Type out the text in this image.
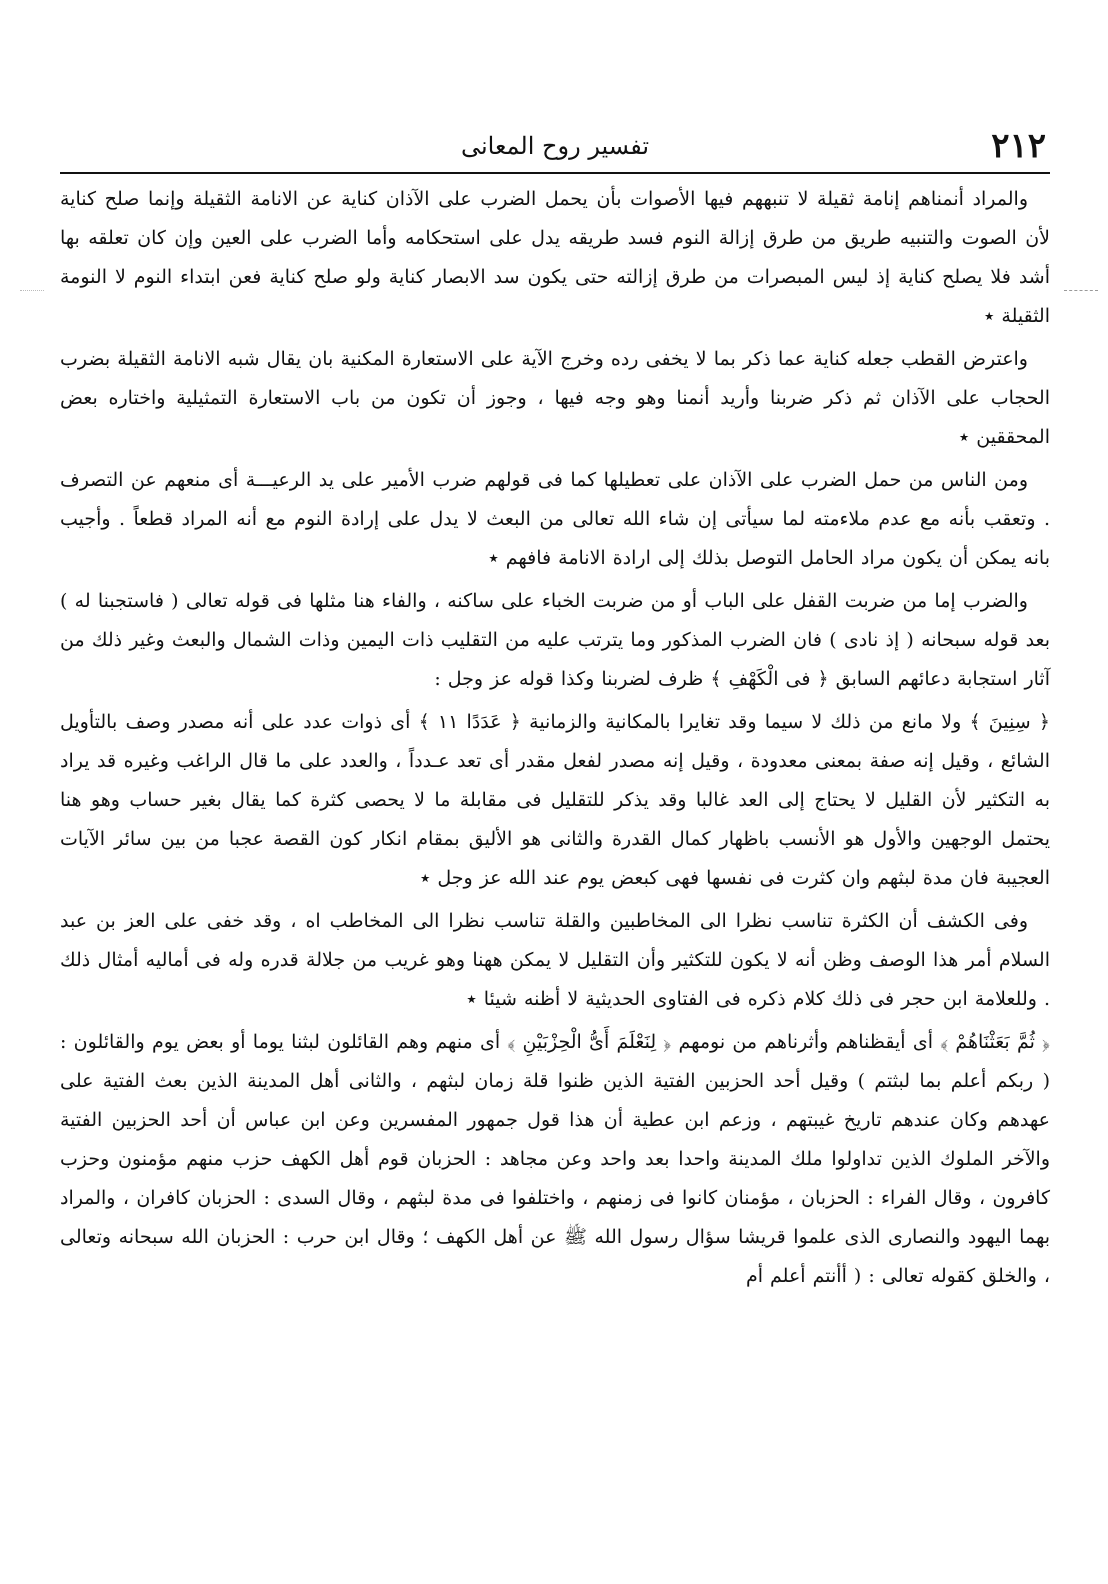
٢١٢
تفسير روح المعانى

والمراد أنمناهم إنامة ثقيلة لا تنبههم فيها الأصوات بأن يحمل الضرب على الآذان كناية عن الانامة الثقيلة وإنما صلح كناية لأن الصوت والتنبيه طريق من طرق إزالة النوم فسد طريقه يدل على استحكامه وأما الضرب على العين وإن كان تعلقه بها أشد فلا يصلح كناية إذ ليس المبصرات من طرق إزالته حتى يكون سد الابصار كناية ولو صلح كناية فعن ابتداء النوم لا النومة الثقيلة ٭

واعترض القطب جعله كناية عما ذكر بما لا يخفى رده وخرج الآية على الاستعارة المكنية بان يقال شبه الانامة الثقيلة بضرب الحجاب على الآذان ثم ذكر ضربنا وأريد أنمنا وهو وجه فيها ، وجوز أن تكون من باب الاستعارة التمثيلية واختاره بعض المحققين ٭

ومن الناس من حمل الضرب على الآذان على تعطيلها كما فى قولهم ضرب الأمير على يد الرعيـــة أى منعهم عن التصرف . وتعقب بأنه مع عدم ملاءمته لما سيأتى إن شاء الله تعالى من البعث لا يدل على إرادة النوم مع أنه المراد قطعاً . وأجيب بانه يمكن أن يكون مراد الحامل التوصل بذلك إلى ارادة الانامة فافهم ٭

والضرب إما من ضربت القفل على الباب أو من ضربت الخباء على ساكنه ، والفاء هنا مثلها فى قوله تعالى ( فاستجبنا له ) بعد قوله سبحانه ( إذ نادى ) فان الضرب المذكور وما يترتب عليه من التقليب ذات اليمين وذات الشمال والبعث وغير ذلك من آثار استجابة دعائهم السابق ﴿ فى الْكَهْفِ ﴾ ظرف لضربنا وكذا قوله عز وجل :

﴿ سِنِينَ ﴾ ولا مانع من ذلك لا سيما وقد تغايرا بالمكانية والزمانية ﴿ عَدَدًا ١١ ﴾ أى ذوات عدد على أنه مصدر وصف بالتأويل الشائع ، وقيل إنه صفة بمعنى معدودة ، وقيل إنه مصدر لفعل مقدر أى تعد عـدداً ، والعدد على ما قال الراغب وغيره قد يراد به التكثير لأن القليل لا يحتاج إلى العد غالبا وقد يذكر للتقليل فى مقابلة ما لا يحصى كثرة كما يقال بغير حساب وهو هنا يحتمل الوجهين والأول هو الأنسب باظهار كمال القدرة والثانى هو الأليق بمقام انكار كون القصة عجبا من بين سائر الآيات العجيبة فان مدة لبثهم وان كثرت فى نفسها فهى كبعض يوم عند الله عز وجل ٭

وفى الكشف أن الكثرة تناسب نظرا الى المخاطبين والقلة تناسب نظرا الى المخاطب اه ، وقد خفى على العز بن عبد السلام أمر هذا الوصف وظن أنه لا يكون للتكثير وأن التقليل لا يمكن ههنا وهو غريب من جلالة قدره وله فى أماليه أمثال ذلك . وللعلامة ابن حجر فى ذلك كلام ذكره فى الفتاوى الحديثية لا أظنه شيئا ٭

﴿ ثُمَّ بَعَثْنَاهُمْ ﴾ أى أيقظناهم وأثرناهم من نومهم ﴿ لِنَعْلَمَ أَىُّ الْحِزْبَيْنِ ﴾ أى منهم وهم القائلون لبثنا يوما أو بعض يوم والقائلون : ( ربكم أعلم بما لبثتم ) وقيل أحد الحزبين الفتية الذين ظنوا قلة زمان لبثهم ، والثانى أهل المدينة الذين بعث الفتية على عهدهم وكان عندهم تاريخ غيبتهم ، وزعم ابن عطية أن هذا قول جمهور المفسرين وعن ابن عباس أن أحد الحزبين الفتية والآخر الملوك الذين تداولوا ملك المدينة واحدا بعد واحد وعن مجاهد : الحزبان قوم أهل الكهف حزب منهم مؤمنون وحزب كافرون ، وقال الفراء : الحزبان ، مؤمنان كانوا فى زمنهم ، واختلفوا فى مدة لبثهم ، وقال السدى : الحزبان كافران ، والمراد بهما اليهود والنصارى الذى علموا قريشا سؤال رسول الله ﷺ عن أهل الكهف ؛ وقال ابن حرب : الحزبان الله سبحانه وتعالى ، والخلق كقوله تعالى : ( أأنتم أعلم أم
